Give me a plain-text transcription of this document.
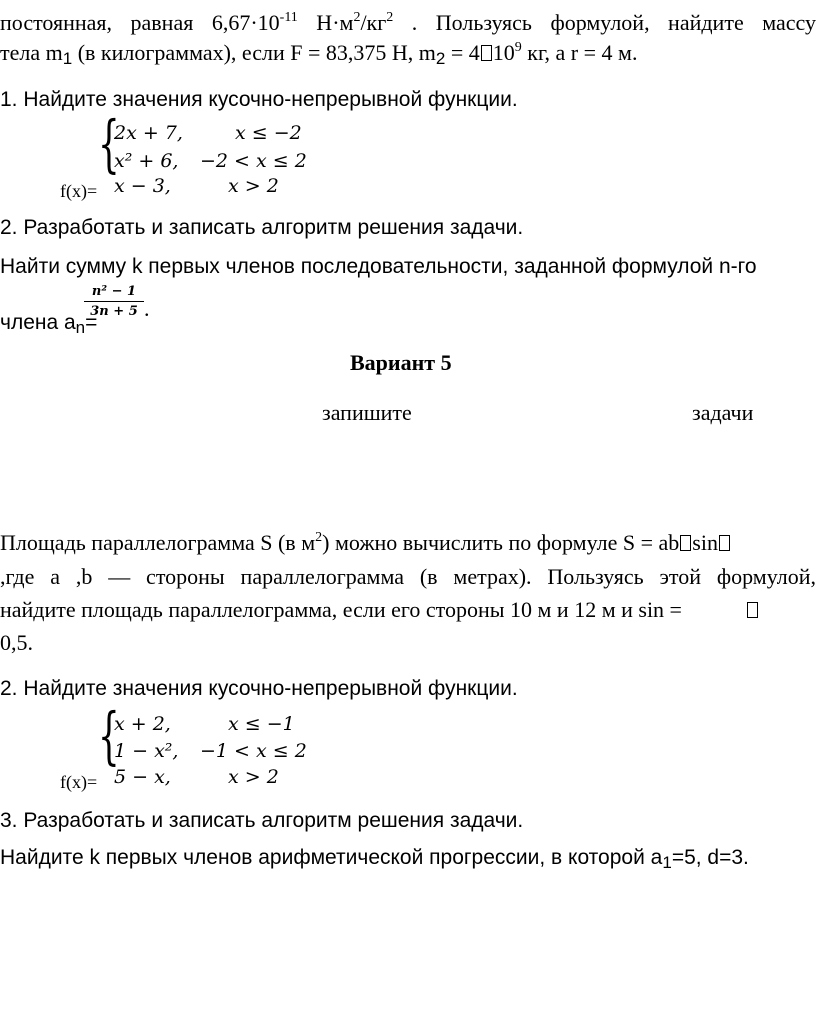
постоянная, равная $6,67\cdot 10^{-11}$ $Н\cdot м^2/кг^2$ . Пользуясь формулой, найдите массу
тела $m_1$ (в килограммах), если F = 83,375 Н, $m_2 = 4$ $10^9$ кг, а r = 4 м.
1. Найдите значения кусочно-непрерывной функции.
{
2x + 7,	x ≤ −2
x² + 6, −2 < x ≤ 2
x − 3,	x > 2
f(x)=
2. Разработать и записать алгоритм решения задачи.
Найти сумму k первых членов последовательности, заданной формулой n-го
члена $a_n=$
n² − 1
3n + 5 .
Вариант 5
запишите	задачи
Площадь параллелограмма S (в $м^2$) можно вычислить по формуле S = ab sin
,где a ,b — стороны параллелограмма (в метрах). Пользуясь этой формулой,
найдите площадь параллелограмма, если его стороны 10 м и 12 м и sin =
0,5.
2. Найдите значения кусочно-непрерывной функции.
{
x + 2,	x ≤ −1
1 − x², −1 < x ≤ 2
5 − x,	x > 2
f(x)=
3. Разработать и записать алгоритм решения задачи.
Найдите k первых членов арифметической прогрессии, в которой $a_1=5$, d=3.
